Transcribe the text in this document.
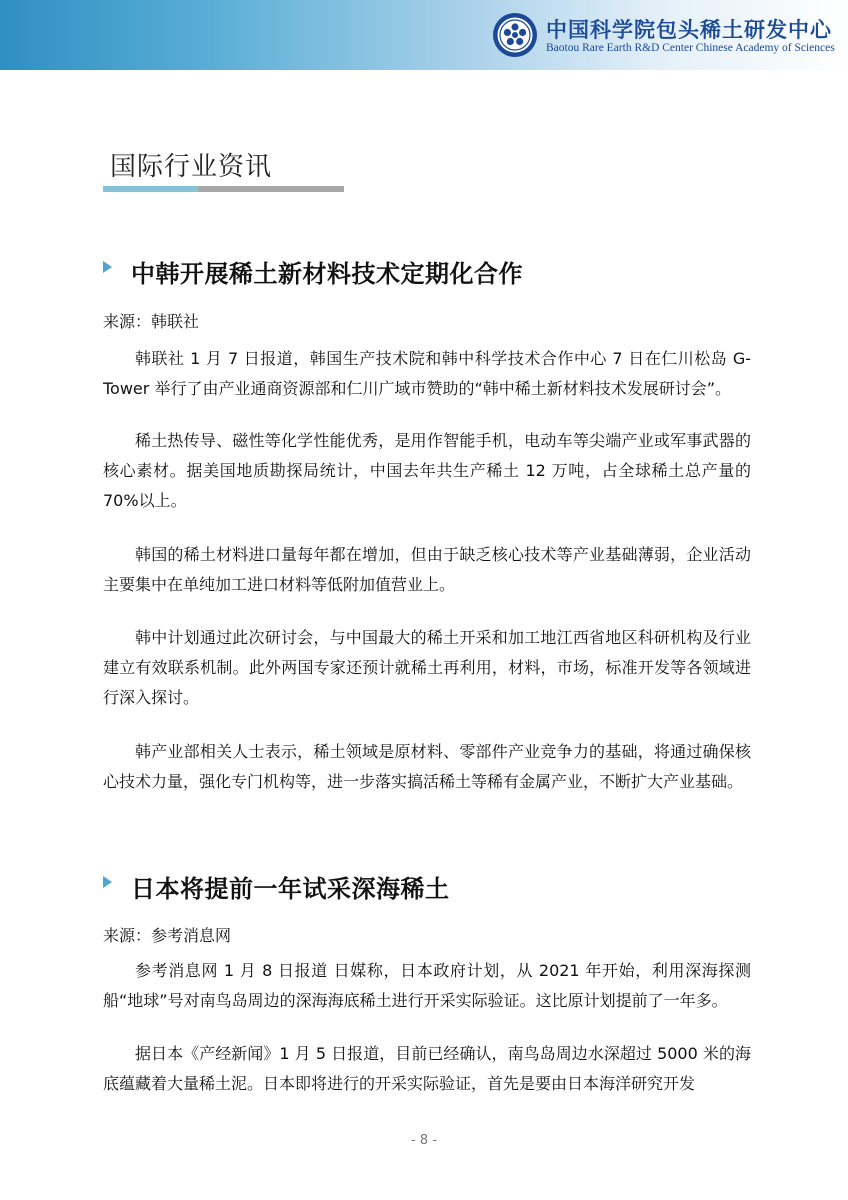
中国科学院包头稀土研发中心
Baotou Rare Earth R&D Center Chinese Academy of Sciences
国际行业资讯
中韩开展稀土新材料技术定期化合作
来源：韩联社

韩联社 1 月 7 日报道，韩国生产技术院和韩中科学技术合作中心 7 日在仁川松岛 G-Tower 举行了由产业通商资源部和仁川广域市赞助的“韩中稀土新材料技术发展研讨会”。

稀土热传导、磁性等化学性能优秀，是用作智能手机，电动车等尖端产业或军事武器的核心素材。据美国地质勘探局统计，中国去年共生产稀土 12 万吨，占全球稀土总产量的 70%以上。

韩国的稀土材料进口量每年都在增加，但由于缺乏核心技术等产业基础薄弱，企业活动主要集中在单纯加工进口材料等低附加值营业上。

韩中计划通过此次研讨会，与中国最大的稀土开采和加工地江西省地区科研机构及行业建立有效联系机制。此外两国专家还预计就稀土再利用，材料，市场，标准开发等各领域进行深入探讨。

韩产业部相关人士表示，稀土领域是原材料、零部件产业竞争力的基础，将通过确保核心技术力量，强化专门机构等，进一步落实搞活稀土等稀有金属产业，不断扩大产业基础。

日本将提前一年试采深海稀土
来源：参考消息网

参考消息网 1 月 8 日报道 日媒称，日本政府计划，从 2021 年开始，利用深海探测船“地球”号对南鸟岛周边的深海海底稀土进行开采实际验证。这比原计划提前了一年多。

据日本《产经新闻》1 月 5 日报道，目前已经确认，南鸟岛周边水深超过 5000 米的海底蕴藏着大量稀土泥。日本即将进行的开采实际验证，首先是要由日本海洋研究开发

- 8 -
